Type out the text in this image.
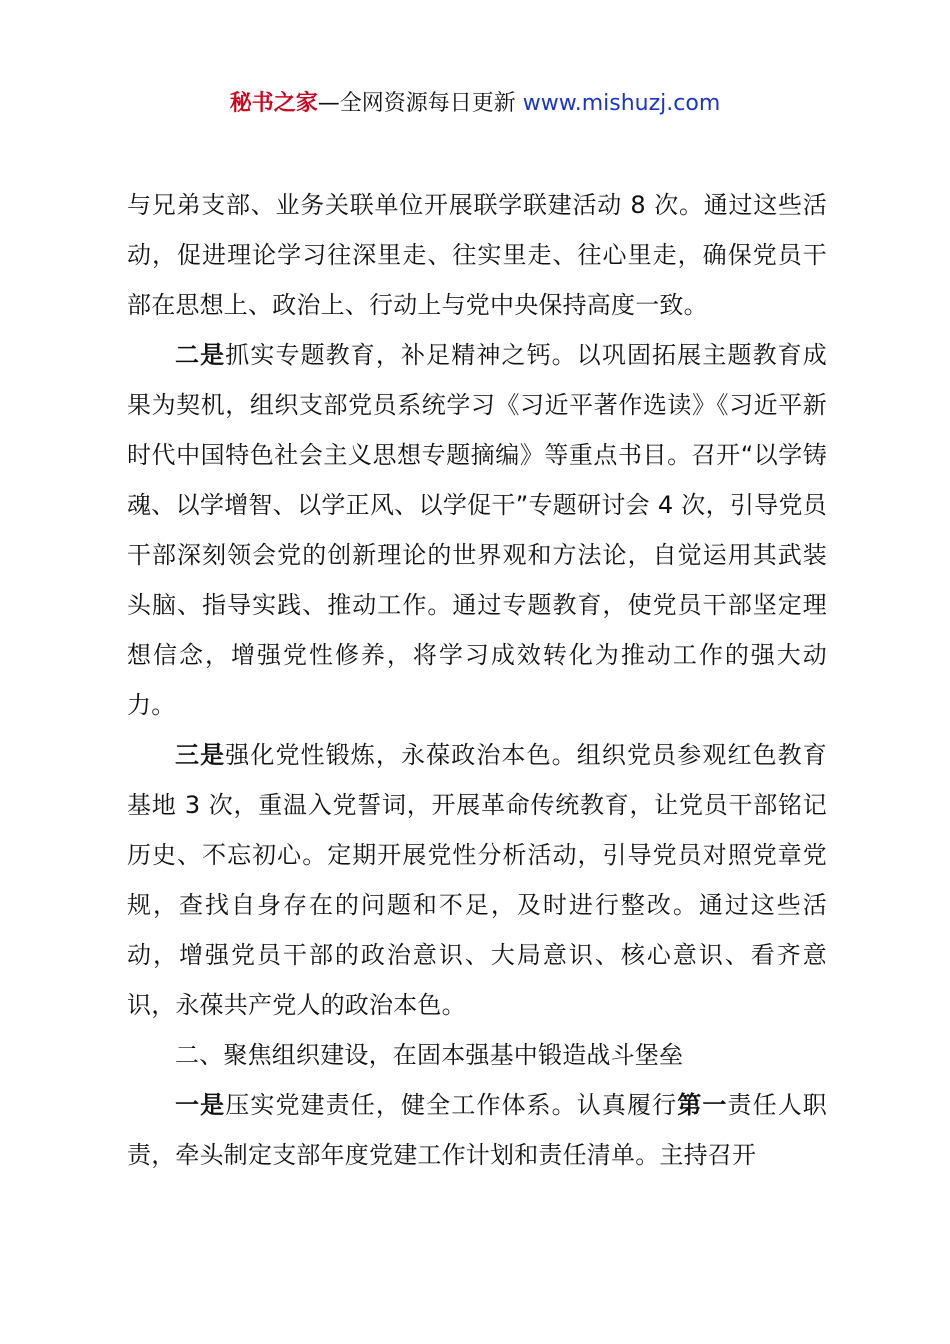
秘书之家—全网资源每日更新 www.mishuzj.com

与兄弟支部、业务关联单位开展联学联建活动 8 次。通过这些活动，促进理论学习往深里走、往实里走、往心里走，确保党员干部在思想上、政治上、行动上与党中央保持高度一致。

二是抓实专题教育，补足精神之钙。以巩固拓展主题教育成果为契机，组织支部党员系统学习《习近平著作选读》《习近平新时代中国特色社会主义思想专题摘编》等重点书目。召开“以学铸魂、以学增智、以学正风、以学促干”专题研讨会 4 次，引导党员干部深刻领会党的创新理论的世界观和方法论，自觉运用其武装头脑、指导实践、推动工作。通过专题教育，使党员干部坚定理想信念，增强党性修养，将学习成效转化为推动工作的强大动力。

三是强化党性锻炼，永葆政治本色。组织党员参观红色教育基地 3 次，重温入党誓词，开展革命传统教育，让党员干部铭记历史、不忘初心。定期开展党性分析活动，引导党员对照党章党规，查找自身存在的问题和不足，及时进行整改。通过这些活动，增强党员干部的政治意识、大局意识、核心意识、看齐意识，永葆共产党人的政治本色。

二、聚焦组织建设，在固本强基中锻造战斗堡垒

一是压实党建责任，健全工作体系。认真履行第一责任人职责，牵头制定支部年度党建工作计划和责任清单。主持召开
